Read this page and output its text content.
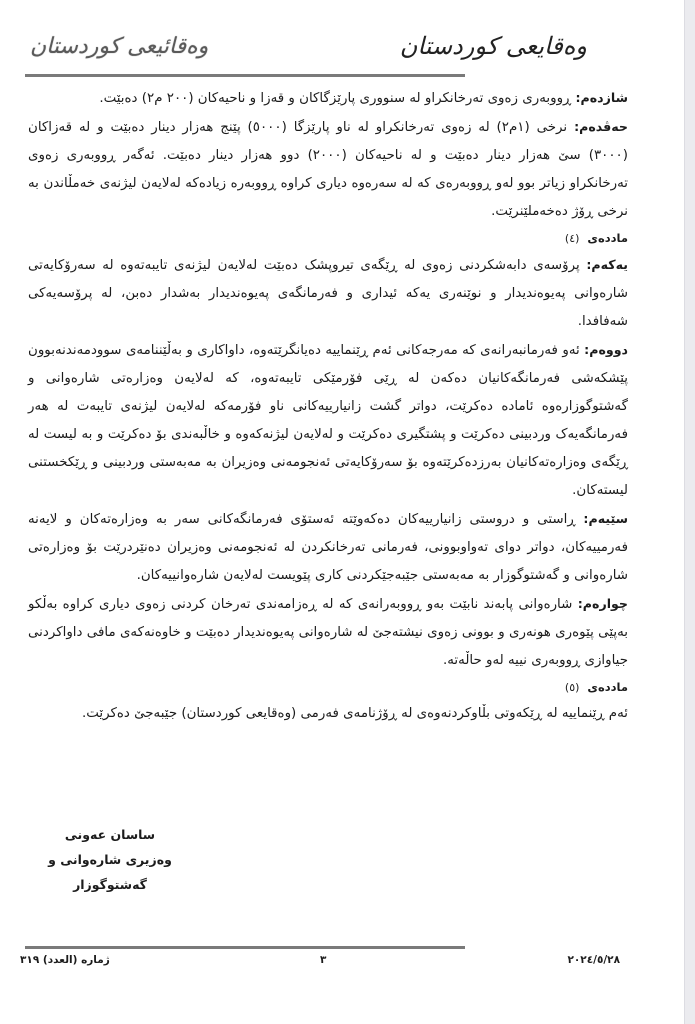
وەقائیعی کوردستان	وەقایعی کوردستان

شازدەم: ڕووبەری زەوی تەرخانکراو لە سنووری پارێزگاکان و قەزا و ناحیەکان (٢٠٠ م٢) دەبێت.

حەڤدەم: نرخی (١م٢) لە زەوی تەرخانکراو لە ناو پارێزگا (٥٠٠٠) پێنج هەزار دینار دەبێت و لە قەزاکان (٣٠٠٠) سێ هەزار دینار دەبێت و لە ناحیەکان (٢٠٠٠) دوو هەزار دینار دەبێت. ئەگەر ڕووبەری زەوی تەرخانکراو زیاتر بوو لەو ڕووبەرەی کە لە سەرەوە دیاری کراوە ڕووبەرە زیادەکە لەلایەن لیژنەی خەمڵاندن بە نرخی ڕۆژ دەخەملێنرێت.

ماددەی (٤)

یەکەم: پرۆسەی دابەشکردنی زەوی لە ڕێگەی تیروپشک دەبێت لەلایەن لیژنەی تایبەتەوە لە سەرۆکایەتی شارەوانی پەیوەندیدار و نوێنەری یەکە ئیداری و فەرمانگەی پەیوەندیدار بەشدار دەبن، لە پرۆسەیەکی شەفافدا.

دووەم: ئەو فەرمانبەرانەی کە مەرجەکانی ئەم ڕێنماییە دەیانگرێتەوە، داواکاری و بەڵێننامەی سوودمەندنەبوون پێشکەشی فەرمانگەکانیان دەکەن لە ڕێی فۆرمێکی تایبەتەوە، کە لەلایەن وەزارەتی شارەوانی و گەشتوگوزارەوە ئامادە دەکرێت، دواتر گشت زانیارییەکانی ناو فۆرمەکە لەلایەن لیژنەی تایبەت لە هەر فەرمانگەیەک وردبینی دەکرێت و پشتگیری دەکرێت و لەلایەن لیژنەکەوە و خاڵبەندی بۆ دەکرێت و بە لیست لە ڕێگەی وەزارەتەکانیان بەرزدەکرێتەوە بۆ سەرۆکایەتی ئەنجومەنی وەزیران بە مەبەستی وردبینی و ڕێکخستنی لیستەکان.

سێیەم: ڕاستی و دروستی زانیارییەکان دەکەوێتە ئەستۆی فەرمانگەکانی سەر بە وەزارەتەکان و لایەنە فەرمییەکان، دواتر دوای تەواوبوونی، فەرمانی تەرخانکردن لە ئەنجومەنی وەزیران دەنێردرێت بۆ وەزارەتی شارەوانی و گەشتوگوزار بە مەبەستی جێبەجێکردنی کاری پێویست لەلایەن شارەوانییەکان.

چوارەم: شارەوانی پابەند نابێت بەو ڕووبەرانەی کە لە ڕەزامەندی تەرخان کردنی زەوی دیاری کراوە بەڵکو بەپێی پێوەری هونەری و بوونی زەوی نیشتەجێ لە شارەوانی پەیوەندیدار دەبێت و خاوەنەکەی مافی داواکردنی جیاوازی ڕووبەری نییە لەو حاڵەتە.

ماددەی (٥)

ئەم ڕێنماییە لە ڕێکەوتی بڵاوکردنەوەی لە ڕۆژنامەی فەرمی (وەقایعی کوردستان) جێبەجێ دەکرێت.

ساسان عەونی
وەزیری شارەوانی و گەشتوگوزار
٢٠٢٤/٥/٢٨
٣
ژمارە (العدد) ٣١٩
